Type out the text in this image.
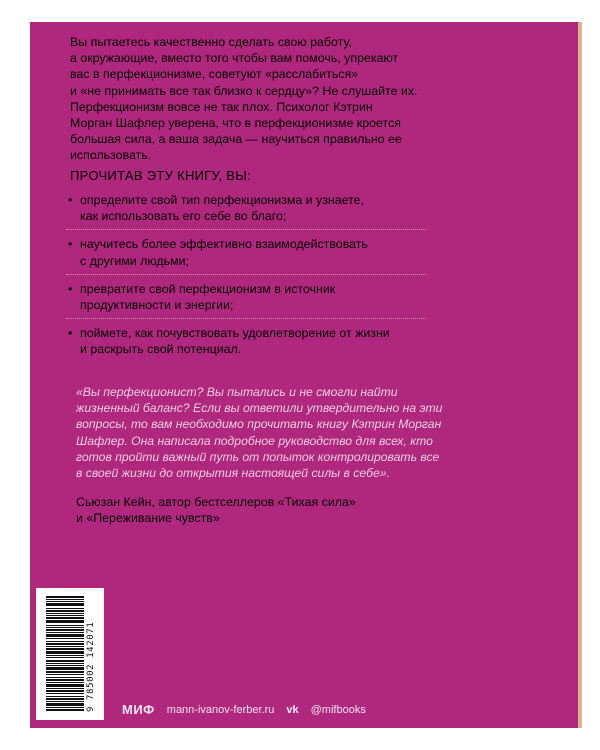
Вы пытаетесь качественно сделать свою работу,
а окружающие, вместо того чтобы вам помочь, упрекают
вас в перфекционизме, советуют «расслабиться»
и «не принимать все так близко к сердцу»? Не слушайте их.
Перфекционизм вовсе не так плох. Психолог Кэтрин
Морган Шафлер уверена, что в перфекционизме кроется
большая сила, а ваша задача — научиться правильно ее
использовать.

ПРОЧИТАВ ЭТУ КНИГУ, ВЫ:

• определите свой тип перфекционизма и узнаете,
как использовать его себе во благо;
• научитесь более эффективно взаимодействовать
с другими людьми;
• превратите свой перфекционизм в источник
продуктивности и энергии;
• поймете, как почувствовать удовлетворение от жизни
и раскрыть свой потенциал.

«Вы перфекционист? Вы пытались и не смогли найти
жизненный баланс? Если вы ответили утвердительно на эти
вопросы, то вам необходимо прочитать книгу Кэтрин Морган
Шафлер. Она написала подробное руководство для всех, кто
готов пройти важный путь от попыток контролировать все
в своей жизни до открытия настоящей силы в себе».

Сьюзан Кейн, автор бестселлеров «Тихая сила»
и «Переживание чувств»

9 785002 142071 МИФ mann-ivanov-ferber.ru vk @mifbooks
